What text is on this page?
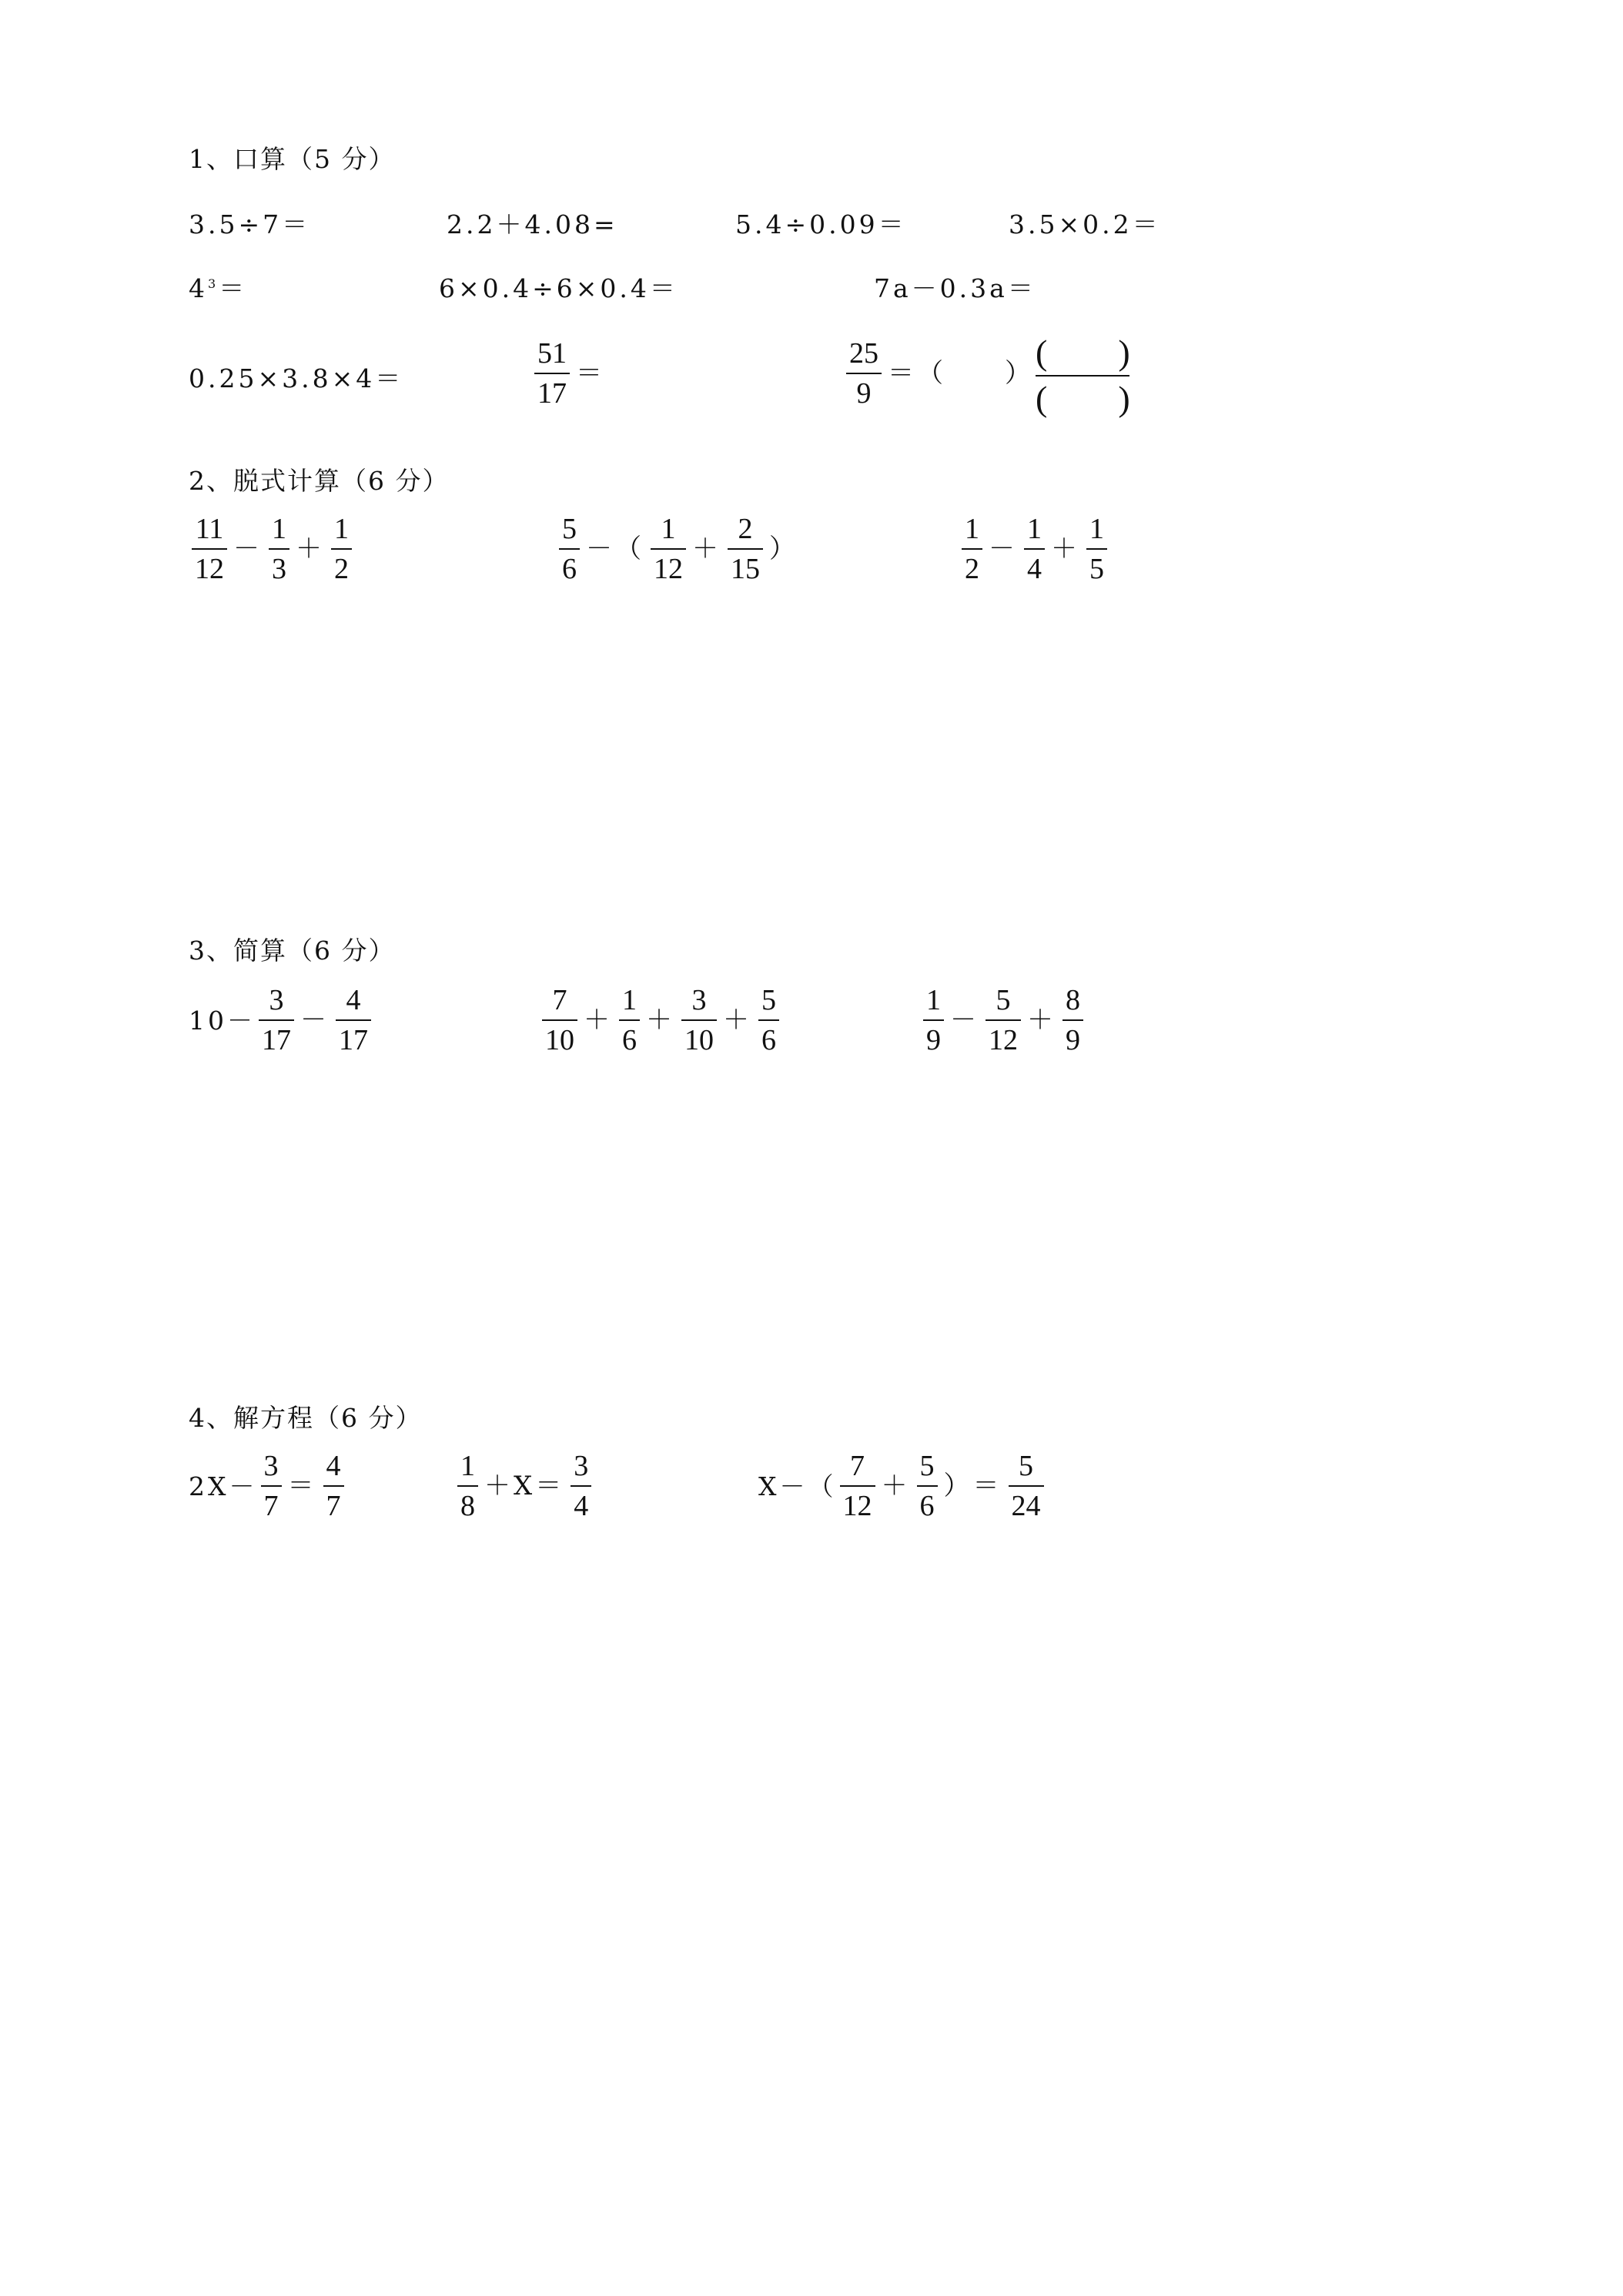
1、口算（5 分）
3.5÷7＝	2.2＋4.08=	5.4÷0.09＝	3.5×0.2＝
$4^3$ ＝	6×0.4÷6×0.4＝	7a－0.3a＝
0.25×3.8×4＝	$\frac{51}{17}$ ＝	$\frac{25}{9}$ ＝（　　） $\frac{( )}{( )}$
2、脱式计算（6 分）
$\frac{11}{12} - \frac{1}{3} + \frac{1}{2}$	$\frac{5}{6}$ －（ $\frac{1}{12} + \frac{2}{15}$ ）	$\frac{1}{2} - \frac{1}{4} + \frac{1}{5}$
3、简算（6 分）
$10- \frac{3}{17} - \frac{4}{17}$	$\frac{7}{10} + \frac{1}{6} + \frac{3}{10} + \frac{5}{6}$	$\frac{1}{9} - \frac{5}{12} + \frac{8}{9}$
4、解方程（6 分）
$2X- \frac{3}{7} = \frac{4}{7}$	$\frac{1}{8} +X= \frac{3}{4}$	$X-( \frac{7}{12} + \frac{5}{6}$ ）＝ $\frac{5}{24}$
